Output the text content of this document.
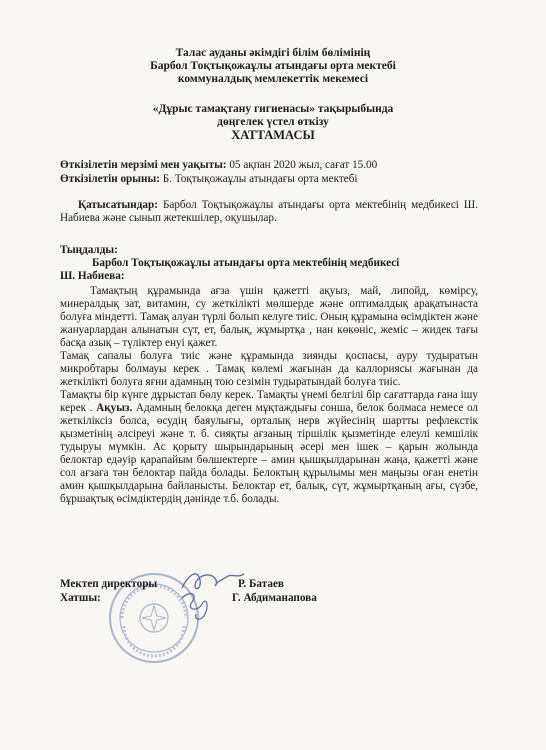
Талас ауданы әкімдігі білім бөлімінің
Барбол Тоқтықожаұлы атындағы орта мектебі
коммуналдық мемлекеттік мекемесі
«Дұрыс тамақтану гигиенасы» тақырыбында
дөңгелек үстел өткізу
ХАТТАМАСЫ
Өткізілетін мерзімі мен уақыты: 05 ақпан 2020 жыл, сағат 15.00
Өткізілетін орыны: Б. Тоқтықожаұлы атындағы орта мектебі
Қатысатындар: Барбол Тоқтықожаұлы атындағы орта мектебінің медбикесі Ш. Набиева және сынып жетекшілер, оқушылар.
Тыңдалды:
Барбол Тоқтықожаұлы атындағы орта мектебінің медбикесі
Ш. Набиева:
Тамақтың құрамында ағза үшін қажетті ақуыз, май, липойд, көмірсу, минералдық зат, витамин, су жеткілікті мөлшерде және оптималдық арақатынаста болуға міндетті. Тамақ алуан түрлі болып келуге тиіс. Оның құрамына өсімдіктен және жануарлардан алынатын сүт, ет, балық, жұмыртқа , нан көкөніс, жеміс – жидек тағы басқа азық – түліктер енуі қажет.
Тамақ сапалы болуға тиіс және құрамында зиянды қоспасы, ауру тудыратын микробтары болмауы керек . Тамақ көлемі жағынан да каллориясы жағынан да жеткілікті болуға яғни адамның тою сезімін тудыратындай болуға тиіс.
Тамақты бір күнге дұрыстап бөлу керек. Тамақты үнемі белгілі бір сағаттарда ғана ішу керек . Ақуыз. Адамның белокқа деген мұқтаждығы сонша, белок болмаса немесе ол жеткіліксіз болса, өсудің баяулығы, орталық нерв жүйесінің шартты рефлекстік қызметінің әлсіреуі және т. б. сияқты ағзаның тіршілік қызметінде елеулі кемшілік тудыруы мүмкін. Ас қорыту шырындарының әсері мен ішек – қарын жолында белоктар едәуір қарапайым бөлшектерге – амин қышқылдарынан жаңа, қажетті және сол ағзаға тән белоктар пайда болады. Белоктың құрылымы мен маңызы оған енетін амин қышқылдарына байланысты. Белоктар ет, балық, сүт, жұмыртқаның ағы, сүзбе, бұршақтық өсімдіктердің дәнінде т.б. болады.
Мектеп директоры	Р. Батаев
Хатшы:	Г. Абдиманапова
